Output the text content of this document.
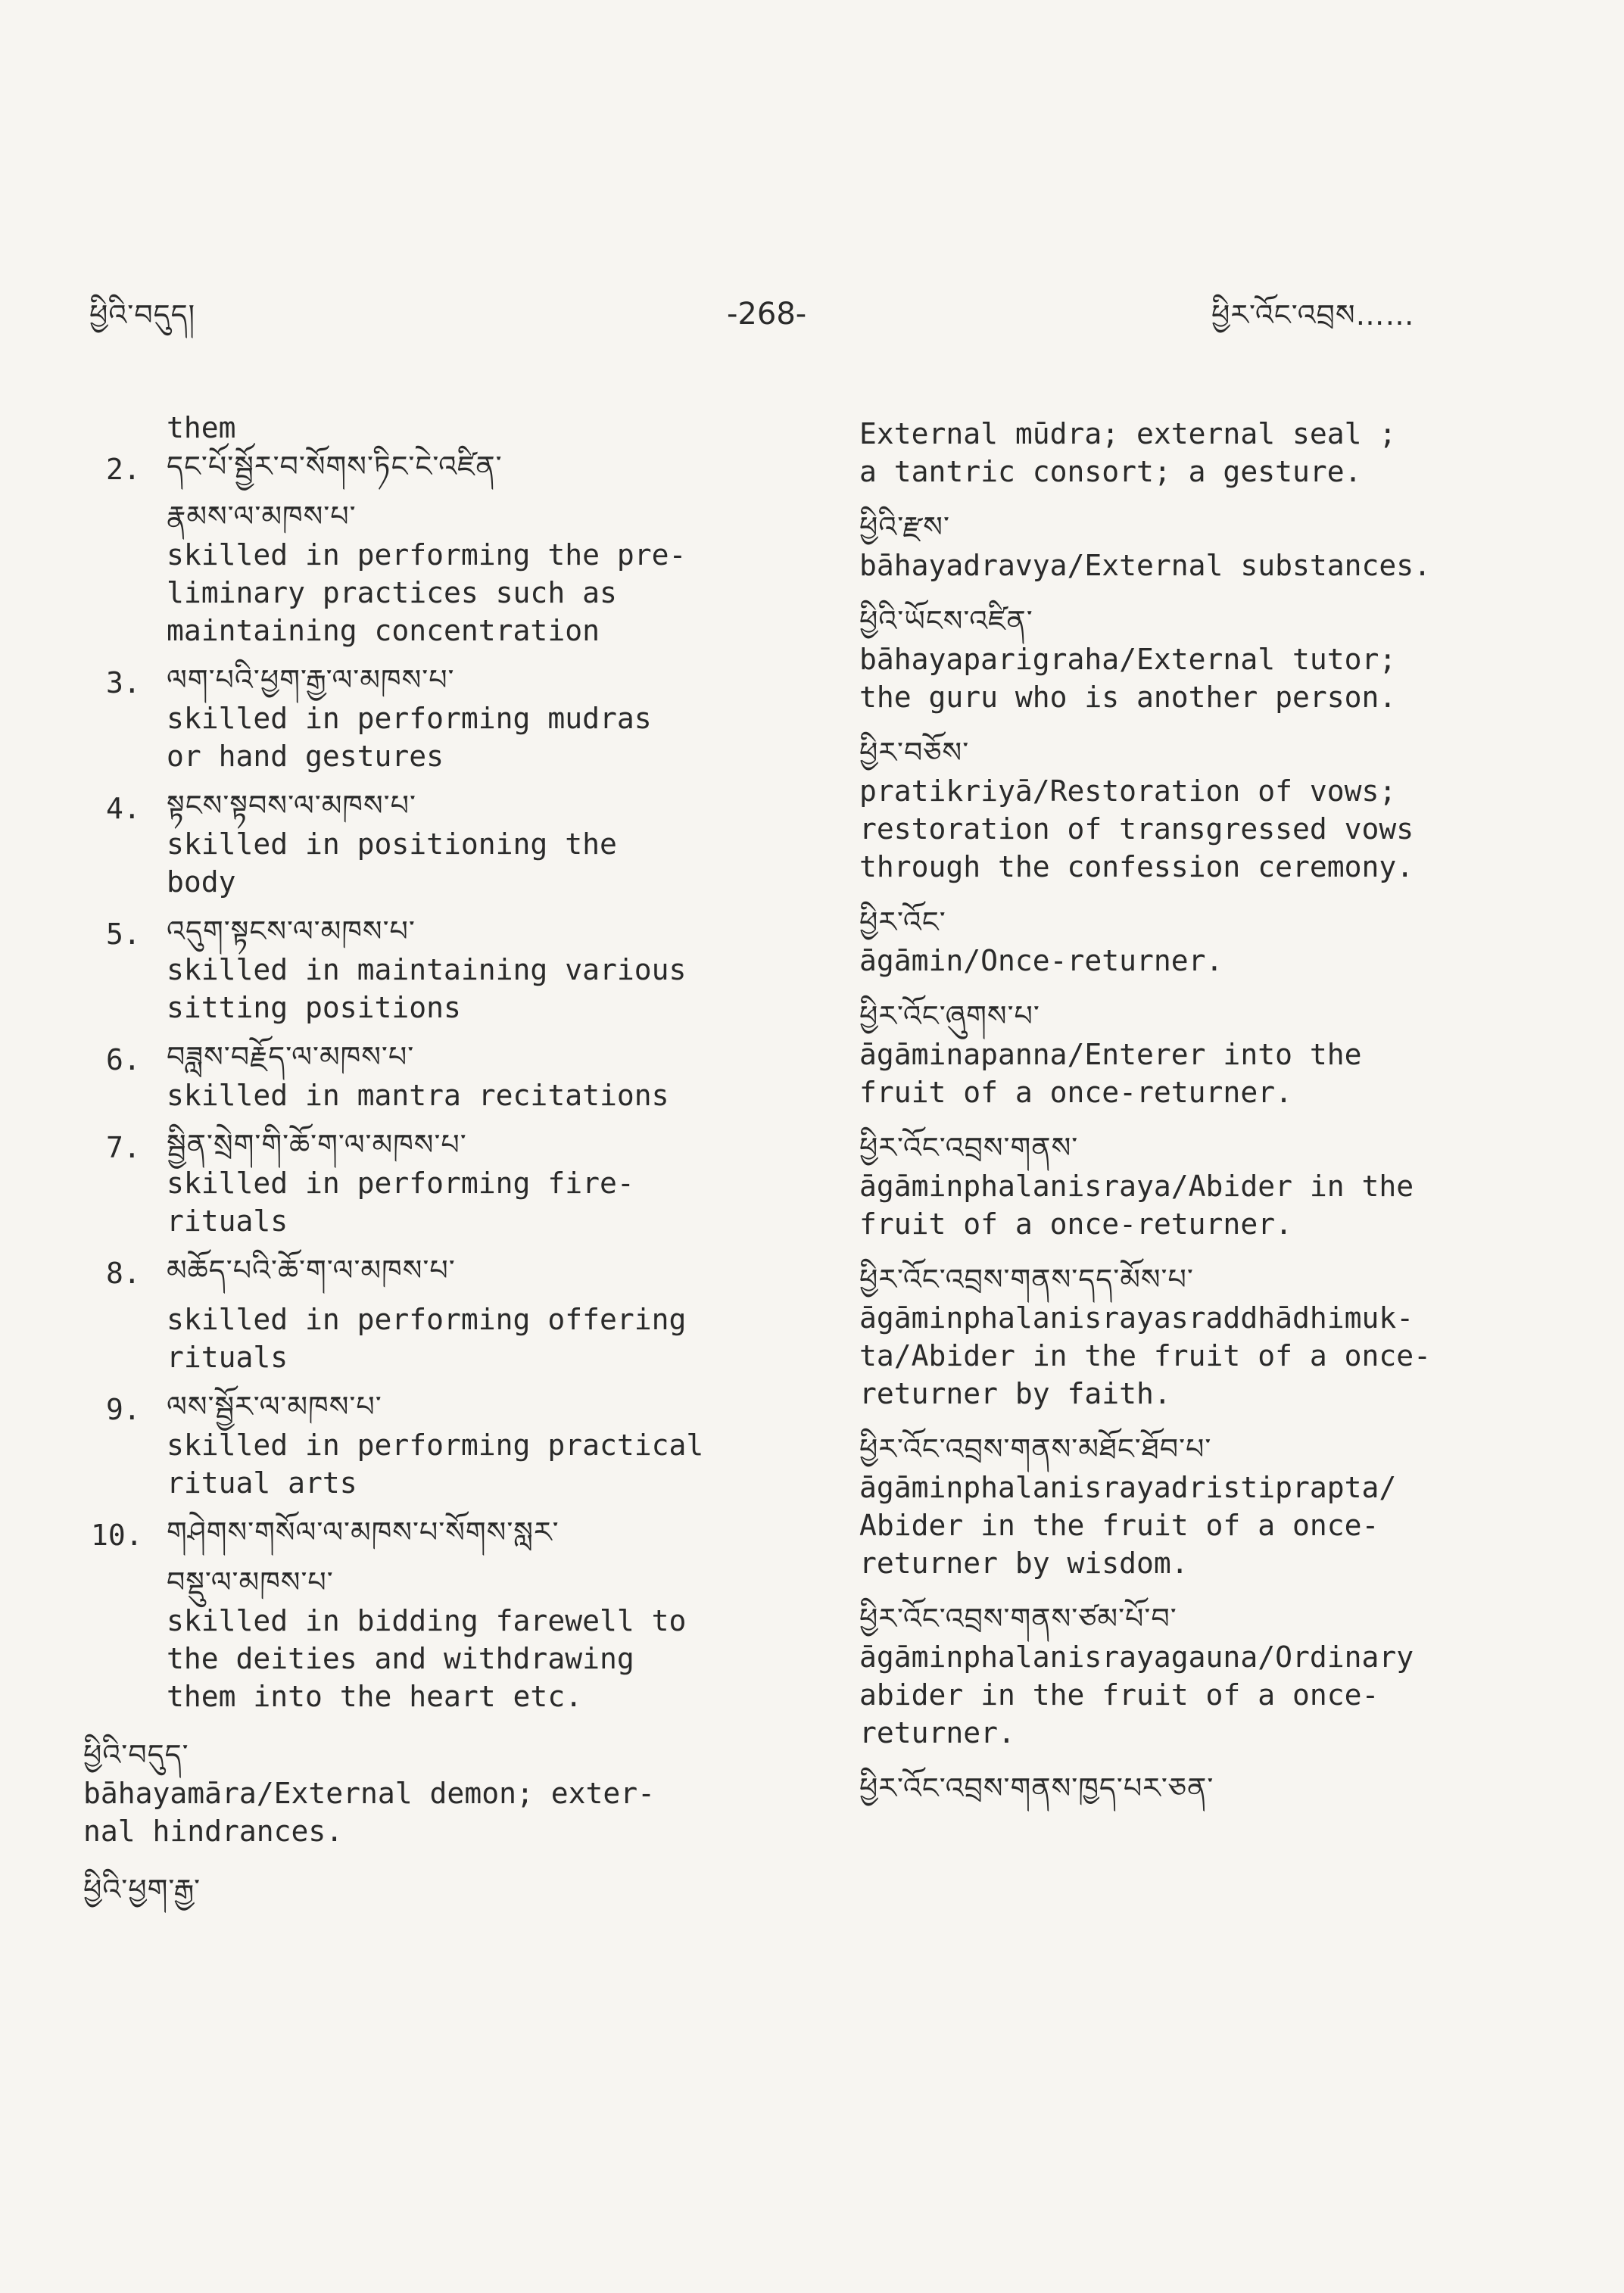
ཕྱིའི་བདུད།	-268-	ཕྱིར་འོང་འབྲས……
them
2. དང་པོ་སྦྱོར་བ་སོགས་ཏིང་ངེ་འཛིན་
རྣམས་ལ་མཁས་པ་
skilled in performing the pre-
liminary practices such as
maintaining concentration
3. ལག་པའི་ཕྱག་རྒྱ་ལ་མཁས་པ་
skilled in performing mudras
or hand gestures
4. སྟངས་སྟབས་ལ་མཁས་པ་
skilled in positioning the
body
5. འདུག་སྟངས་ལ་མཁས་པ་
skilled in maintaining various
sitting positions
6. བཟླས་བརྗོད་ལ་མཁས་པ་
skilled in mantra recitations
7. སྦྱིན་སྲེག་གི་ཆོ་ག་ལ་མཁས་པ་
skilled in performing fire-
rituals
8. མཆོད་པའི་ཆོ་ག་ལ་མཁས་པ་
skilled in performing offering
rituals
9. ལས་སྦྱོར་ལ་མཁས་པ་
skilled in performing practical
ritual arts
10. གཤེགས་གསོལ་ལ་མཁས་པ་སོགས་སླར་
བསྡུ་ལ་མཁས་པ་
skilled in bidding farewell to
the deities and withdrawing
them into the heart etc.
ཕྱིའི་བདུད་
bāhayamāra/External demon; exter-
nal hindrances.
ཕྱིའི་ཕྱག་རྒྱ་
External mūdra; external seal ;
a tantric consort; a gesture.
ཕྱིའི་རྫས་
bāhayadravya/External substances.
ཕྱིའི་ཡོངས་འཛིན་
bāhayaparigraha/External tutor;
the guru who is another person.
ཕྱིར་བཅོས་
pratikriyā/Restoration of vows;
restoration of transgressed vows
through the confession ceremony.
ཕྱིར་འོང་
āgāmin/Once-returner.
ཕྱིར་འོང་ཞུགས་པ་
āgāminapanna/Enterer into the
fruit of a once-returner.
ཕྱིར་འོང་འབྲས་གནས་
āgāminphalanisraya/Abider in the
fruit of a once-returner.
ཕྱིར་འོང་འབྲས་གནས་དད་མོས་པ་
āgāminphalanisrayasraddhādhimuk-
ta/Abider in the fruit of a once-
returner by faith.
ཕྱིར་འོང་འབྲས་གནས་མཐོང་ཐོབ་པ་
āgāminphalanisrayadristiprapta/
Abider in the fruit of a once-
returner by wisdom.
ཕྱིར་འོང་འབྲས་གནས་ཙམ་པོ་བ་
āgāminphalanisrayagauna/Ordinary
abider in the fruit of a once-
returner.
ཕྱིར་འོང་འབྲས་གནས་ཁྱད་པར་ཅན་
